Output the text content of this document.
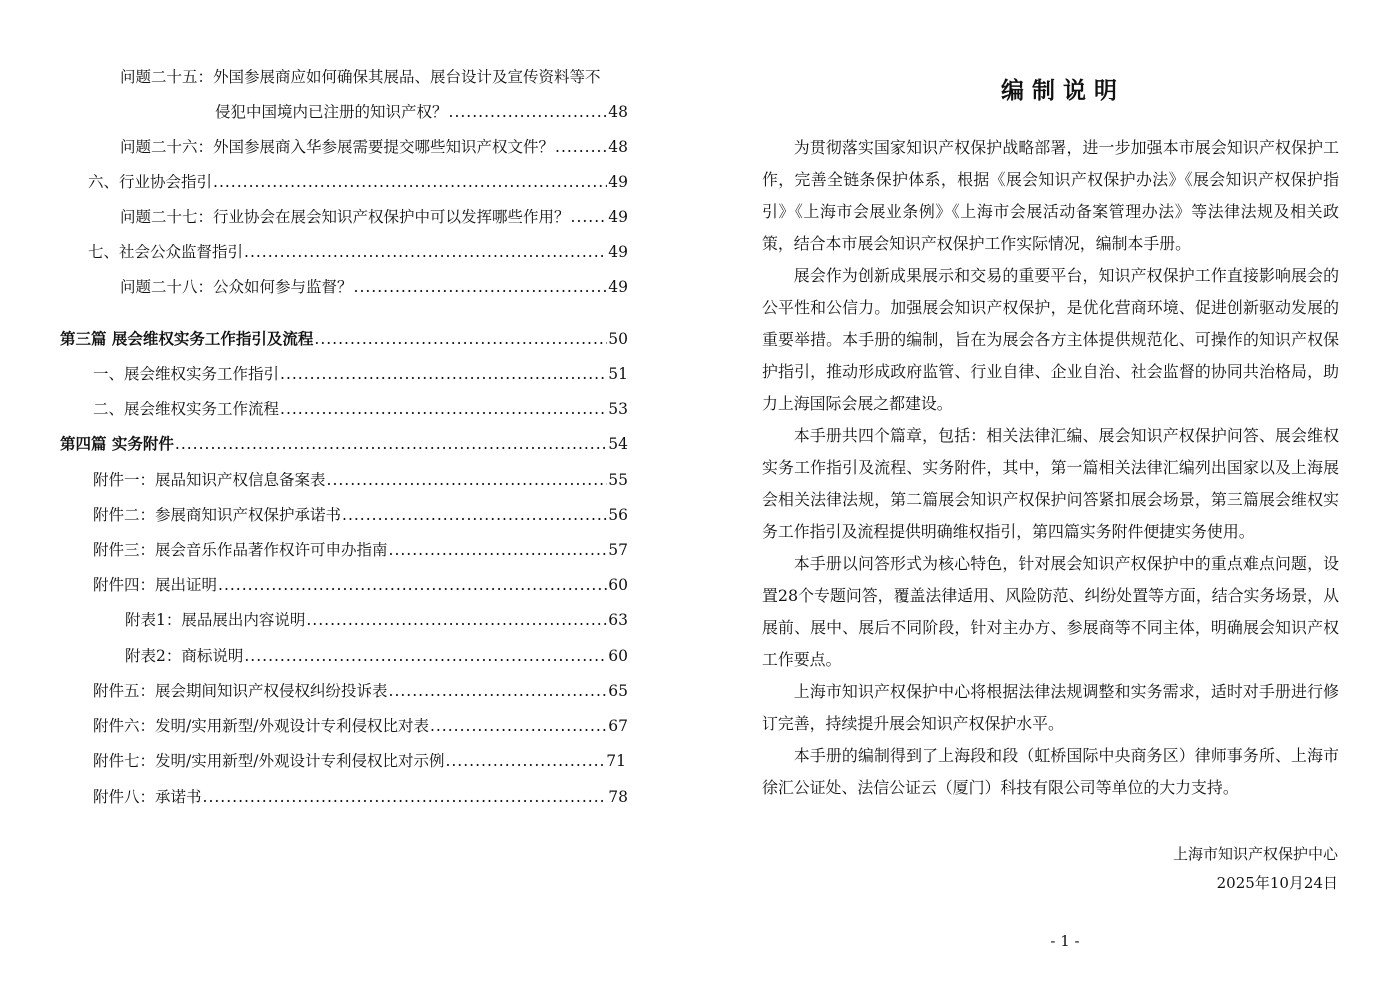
问题二十五：外国参展商应如何确保其展品、展台设计及宣传资料等不
侵犯中国境内已注册的知识产权？ .....	48
问题二十六：外国参展商入华参展需要提交哪些知识产权文件？ .....	48
六、行业协会指引 .....	49
问题二十七：行业协会在展会知识产权保护中可以发挥哪些作用？ .....	49
七、社会公众监督指引 .....	49
问题二十八：公众如何参与监督？ .....	49
第三篇 展会维权实务工作指引及流程 .....	50
一、展会维权实务工作指引 .....	51
二、展会维权实务工作流程 .....	53
第四篇 实务附件 .....	54
附件一：展品知识产权信息备案表 .....	55
附件二：参展商知识产权保护承诺书 .....	56
附件三：展会音乐作品著作权许可申办指南 .....	57
附件四：展出证明 .....	60
附表1：展品展出内容说明 .....	63
附表2：商标说明 .....	60
附件五：展会期间知识产权侵权纠纷投诉表 .....	65
附件六：发明/实用新型/外观设计专利侵权比对表 .....	67
附件七：发明/实用新型/外观设计专利侵权比对示例 .....	71
附件八：承诺书 .....	78
编制说明

为贯彻落实国家知识产权保护战略部署，进一步加强本市展会知识产权保护工作，完善全链条保护体系，根据《展会知识产权保护办法》《展会知识产权保护指引》《上海市会展业条例》《上海市会展活动备案管理办法》等法律法规及相关政策，结合本市展会知识产权保护工作实际情况，编制本手册。

展会作为创新成果展示和交易的重要平台，知识产权保护工作直接影响展会的公平性和公信力。加强展会知识产权保护，是优化营商环境、促进创新驱动发展的重要举措。本手册的编制，旨在为展会各方主体提供规范化、可操作的知识产权保护指引，推动形成政府监管、行业自律、企业自治、社会监督的协同共治格局，助力上海国际会展之都建设。

本手册共四个篇章，包括：相关法律汇编、展会知识产权保护问答、展会维权实务工作指引及流程、实务附件，其中，第一篇相关法律汇编列出国家以及上海展会相关法律法规，第二篇展会知识产权保护问答紧扣展会场景，第三篇展会维权实务工作指引及流程提供明确维权指引，第四篇实务附件便捷实务使用。

本手册以问答形式为核心特色，针对展会知识产权保护中的重点难点问题，设置28个专题问答，覆盖法律适用、风险防范、纠纷处置等方面，结合实务场景，从展前、展中、展后不同阶段，针对主办方、参展商等不同主体，明确展会知识产权工作要点。

上海市知识产权保护中心将根据法律法规调整和实务需求，适时对手册进行修订完善，持续提升展会知识产权保护水平。

本手册的编制得到了上海段和段（虹桥国际中央商务区）律师事务所、上海市徐汇公证处、法信公证云（厦门）科技有限公司等单位的大力支持。

上海市知识产权保护中心
2025年10月24日
- 1 -
